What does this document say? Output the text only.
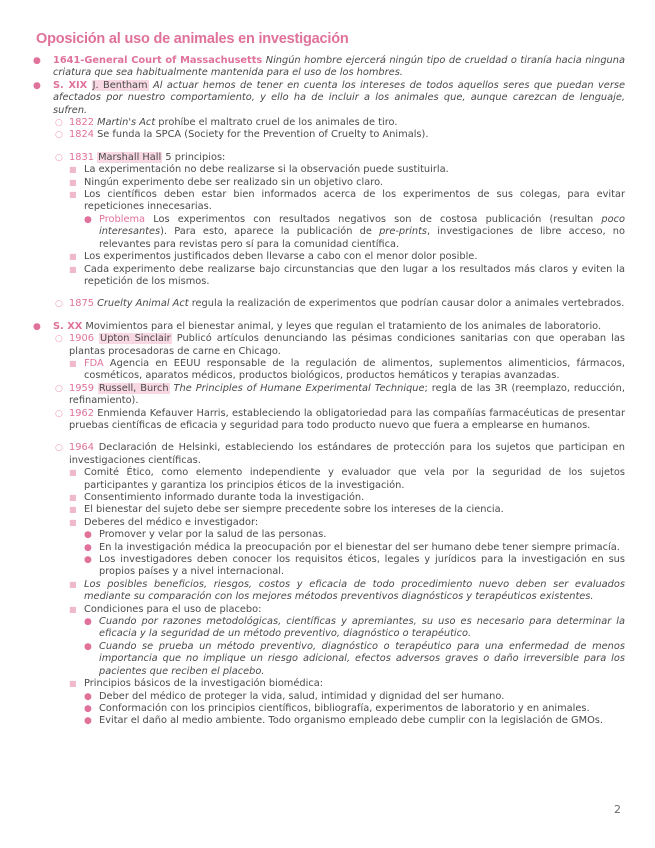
Oposición al uso de animales en investigación
● 1641-General Court of Massachusetts Ningún hombre ejercerá ningún tipo de crueldad o tiranía hacia ninguna criatura que sea habitualmente mantenida para el uso de los hombres.
● S. XIX J. Bentham Al actuar hemos de tener en cuenta los intereses de todos aquellos seres que puedan verse afectados por nuestro comportamiento, y ello ha de incluir a los animales que, aunque carezcan de lenguaje, sufren.
○ 1822 Martin's Act prohíbe el maltrato cruel de los animales de tiro.
○ 1824 Se funda la SPCA (Society for the Prevention of Cruelty to Animals).
○ 1831 Marshall Hall 5 principios:
■ La experimentación no debe realizarse si la observación puede sustituirla.
■ Ningún experimento debe ser realizado sin un objetivo claro.
■ Los científicos deben estar bien informados acerca de los experimentos de sus colegas, para evitar repeticiones innecesarias.
● Problema Los experimentos con resultados negativos son de costosa publicación (resultan poco interesantes). Para esto, aparece la publicación de pre-prints, investigaciones de libre acceso, no relevantes para revistas pero sí para la comunidad científica.
■ Los experimentos justificados deben llevarse a cabo con el menor dolor posible.
■ Cada experimento debe realizarse bajo circunstancias que den lugar a los resultados más claros y eviten la repetición de los mismos.
○ 1875 Cruelty Animal Act regula la realización de experimentos que podrían causar dolor a animales vertebrados.
● S. XX Movimientos para el bienestar animal, y leyes que regulan el tratamiento de los animales de laboratorio.
○ 1906 Upton Sinclair Publicó artículos denunciando las pésimas condiciones sanitarias con que operaban las plantas procesadoras de carne en Chicago.
■ FDA Agencia en EEUU responsable de la regulación de alimentos, suplementos alimenticios, fármacos, cosméticos, aparatos médicos, productos biológicos, productos hemáticos y terapias avanzadas.
○ 1959 Russell, Burch The Principles of Humane Experimental Technique; regla de las 3R (reemplazo, reducción, refinamiento).
○ 1962 Enmienda Kefauver Harris, estableciendo la obligatoriedad para las compañías farmacéuticas de presentar pruebas científicas de eficacia y seguridad para todo producto nuevo que fuera a emplearse en humanos.
○ 1964 Declaración de Helsinki, estableciendo los estándares de protección para los sujetos que participan en investigaciones científicas.
■ Comité Ético, como elemento independiente y evaluador que vela por la seguridad de los sujetos participantes y garantiza los principios éticos de la investigación.
■ Consentimiento informado durante toda la investigación.
■ El bienestar del sujeto debe ser siempre precedente sobre los intereses de la ciencia.
■ Deberes del médico e investigador:
● Promover y velar por la salud de las personas.
● En la investigación médica la preocupación por el bienestar del ser humano debe tener siempre primacía.
● Los investigadores deben conocer los requisitos éticos, legales y jurídicos para la investigación en sus propios países y a nivel internacional.
■ Los posibles beneficios, riesgos, costos y eficacia de todo procedimiento nuevo deben ser evaluados mediante su comparación con los mejores métodos preventivos diagnósticos y terapéuticos existentes.
■ Condiciones para el uso de placebo:
● Cuando por razones metodológicas, científicas y apremiantes, su uso es necesario para determinar la eficacia y la seguridad de un método preventivo, diagnóstico o terapéutico.
● Cuando se prueba un método preventivo, diagnóstico o terapéutico para una enfermedad de menos importancia que no implique un riesgo adicional, efectos adversos graves o daño irreversible para los pacientes que reciben el placebo.
■ Principios básicos de la investigación biomédica:
● Deber del médico de proteger la vida, salud, intimidad y dignidad del ser humano.
● Conformación con los principios científicos, bibliografía, experimentos de laboratorio y en animales.
● Evitar el daño al medio ambiente. Todo organismo empleado debe cumplir con la legislación de GMOs.
2
